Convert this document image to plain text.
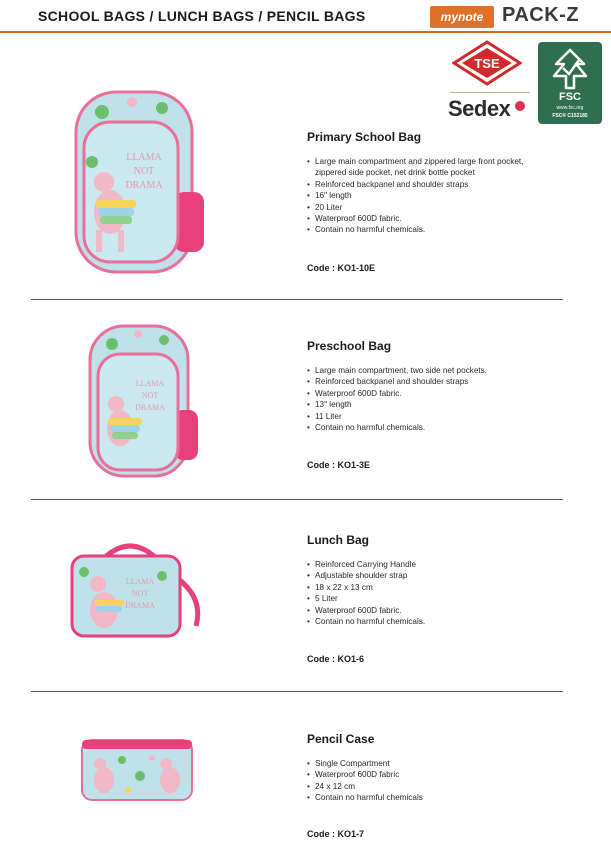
SCHOOL BAGS / LUNCH BAGS / PENCIL BAGS	mynote PACK-Z
TSE
Sedex	FSC
www.fsc.org
FSC® C152185
LLAMA
NOT
DRAMA
Primary School Bag
• Large main compartment and zippered large front pocket, zippered side pocket, net drink bottle pocket
• Reinforced backpanel and shoulder straps
• 16" length
• 20 Liter
• Waterproof 600D fabric.
• Contain no harmful chemicals.
Code : KO1-10E
LLAMA
NOT
DRAMA
Preschool Bag
• Large main compartment, two side net pockets.
• Reinforced backpanel and shoulder straps
• Waterproof 600D fabric.
• 13" length
• 11 Liter
• Contain no harmful chemicals.
Code : KO1-3E
LLAMA
NOT
DRAMA
Lunch Bag
• Reinforced Carrying Handle
• Adjustable shoulder strap
• 18 x 22 x 13 cm
• 5 Liter
• Waterproof 600D fabric.
• Contain no harmful chemicals.
Code : KO1-6
Pencil Case
• Single Compartment
• Waterproof 600D fabric
• 24 x 12 cm
• Contain no harmful chemicals
Code : KO1-7
